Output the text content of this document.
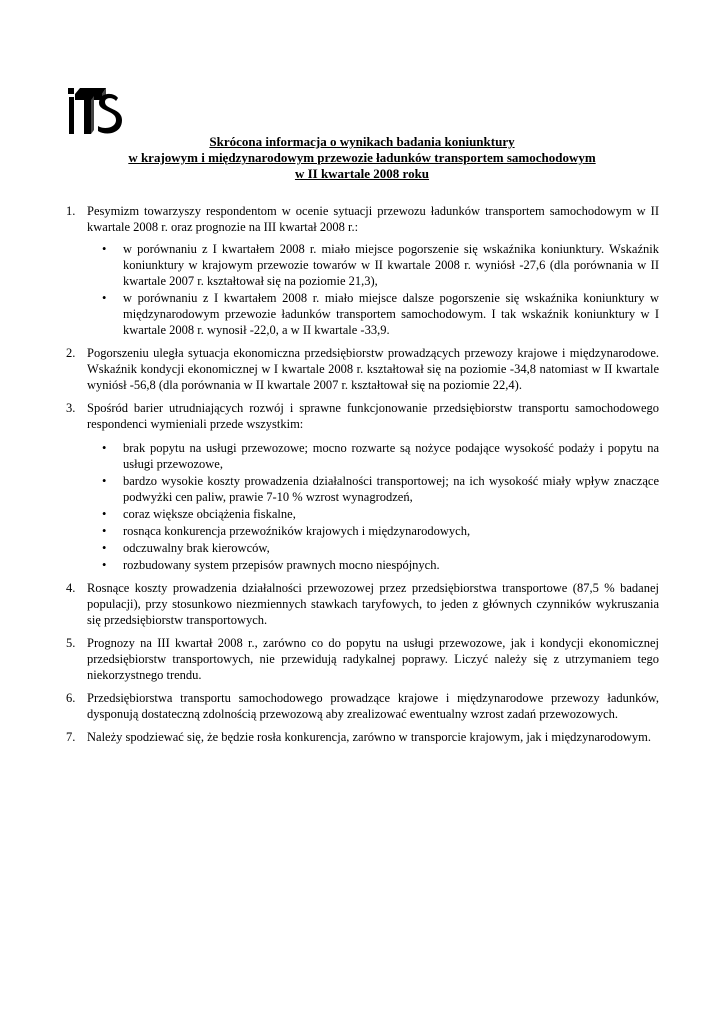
Skrócona informacja o wynikach badania koniunktury
w krajowym i międzynarodowym przewozie ładunków transportem samochodowym
w II kwartale 2008 roku
1. Pesymizm towarzyszy respondentom w ocenie sytuacji przewozu ładunków transportem samochodowym w II kwartale 2008 r. oraz prognozie na III kwartał 2008 r.:
• w porównaniu z I kwartałem 2008 r. miało miejsce pogorszenie się wskaźnika koniunktury. Wskaźnik koniunktury w krajowym przewozie towarów w II kwartale 2008 r. wyniósł -27,6 (dla porównania w II kwartale 2007 r. kształtował się na poziomie 21,3),
• w porównaniu z I kwartałem 2008 r. miało miejsce dalsze pogorszenie się wskaźnika koniunktury w międzynarodowym przewozie ładunków transportem samochodowym. I tak wskaźnik koniunktury w I kwartale 2008 r. wynosił -22,0, a w II kwartale -33,9.
2. Pogorszeniu uległa sytuacja ekonomiczna przedsiębiorstw prowadzących przewozy krajowe i międzynarodowe. Wskaźnik kondycji ekonomicznej w I kwartale 2008 r. kształtował się na poziomie -34,8 natomiast w II kwartale wyniósł -56,8 (dla porównania w II kwartale 2007 r. kształtował się na poziomie 22,4).
3. Spośród barier utrudniających rozwój i sprawne funkcjonowanie przedsiębiorstw transportu samochodowego respondenci wymieniali przede wszystkim:
• brak popytu na usługi przewozowe; mocno rozwarte są nożyce podające wysokość podaży i popytu na usługi przewozowe,
• bardzo wysokie koszty prowadzenia działalności transportowej; na ich wysokość miały wpływ znaczące podwyżki cen paliw, prawie 7-10 % wzrost wynagrodzeń,
• coraz większe obciążenia fiskalne,
• rosnąca konkurencja przewoźników krajowych i międzynarodowych,
• odczuwalny brak kierowców,
• rozbudowany system przepisów prawnych mocno niespójnych.
4. Rosnące koszty prowadzenia działalności przewozowej przez przedsiębiorstwa transportowe (87,5 % badanej populacji), przy stosunkowo niezmiennych stawkach taryfowych, to jeden z głównych czynników wykruszania się przedsiębiorstw transportowych.
5. Prognozy na III kwartał 2008 r., zarówno co do popytu na usługi przewozowe, jak i kondycji ekonomicznej przedsiębiorstw transportowych, nie przewidują radykalnej poprawy. Liczyć należy się z utrzymaniem tego niekorzystnego trendu.
6. Przedsiębiorstwa transportu samochodowego prowadzące krajowe i międzynarodowe przewozy ładunków, dysponują dostateczną zdolnością przewozową aby zrealizować ewentualny wzrost zadań przewozowych.
7. Należy spodziewać się, że będzie rosła konkurencja, zarówno w transporcie krajowym, jak i międzynarodowym.
